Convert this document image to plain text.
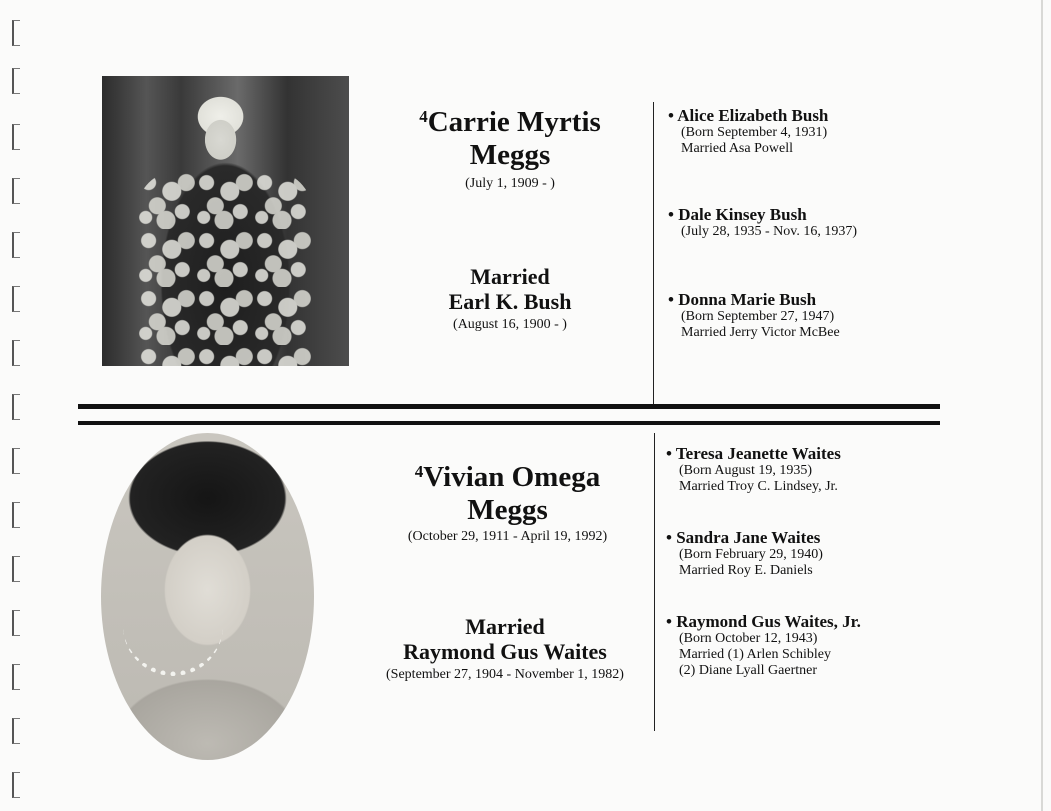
$^4$Carrie Myrtis
Meggs
(July 1, 1909 - )
Married
Earl K. Bush
(August 16, 1900 - )
• Alice Elizabeth Bush
(Born September 4, 1931)
Married Asa Powell
• Dale Kinsey Bush
(July 28, 1935 - Nov. 16, 1937)
• Donna Marie Bush
(Born September 27, 1947)
Married Jerry Victor McBee
$^4$Vivian Omega
Meggs
(October 29, 1911 - April 19, 1992)
Married
Raymond Gus Waites
(September 27, 1904 - November 1, 1982)
• Teresa Jeanette Waites
(Born August 19, 1935)
Married Troy C. Lindsey, Jr.
• Sandra Jane Waites
(Born February 29, 1940)
Married Roy E. Daniels
• Raymond Gus Waites, Jr.
(Born October 12, 1943)
Married (1) Arlen Schibley
(2) Diane Lyall Gaertner
